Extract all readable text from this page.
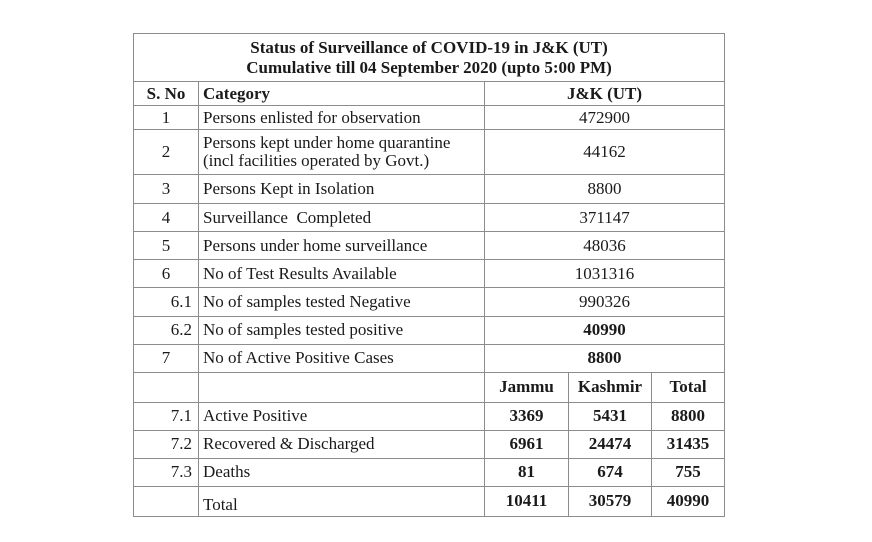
Status of Surveillance of COVID-19 in J&K (UT)
Cumulative till 04 September 2020 (upto 5:00 PM)				

S. No	Category	J&K (UT)		
1	Persons enlisted for observation	472900		
2	Persons kept under home quarantine
(incl facilities operated by Govt.)	44162		
3	Persons Kept in Isolation	8800		
4	Surveillance  Completed	371147		
5	Persons under home surveillance	48036		
6	No of Test Results Available	1031316		
6.1	No of samples tested Negative	990326		
6.2	No of samples tested positive	40990		
7	No of Active Positive Cases	8800		
		Jammu	Kashmir	Total
7.1	Active Positive	3369	5431	8800
7.2	Recovered & Discharged	6961	24474	31435
7.3	Deaths	81	674	755
	Total	10411	30579	40990
